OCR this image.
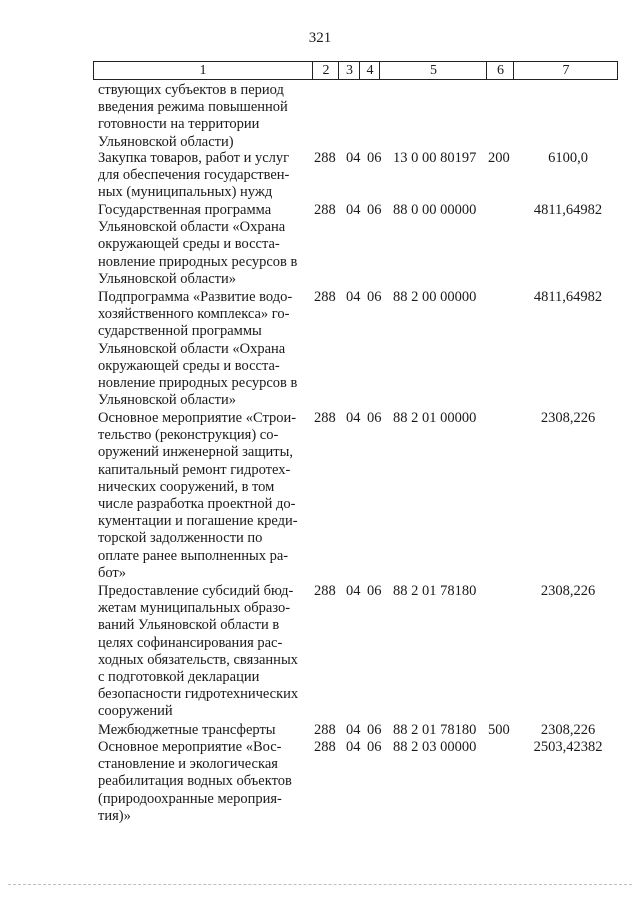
321
1	2	3 4	5	6	7
ствующих субъектов в период
введения режима повышенной
готовности на территории
Ульяновской области)
Закупка товаров, работ и услуг
для обеспечения государствен-
ных (муниципальных) нужд
288 04 06 13 0 00 80197 200	6100,0
Государственная программа
Ульяновской области «Охрана
окружающей среды и восста-
новление природных ресурсов в
Ульяновской области»
288 04 06 88 0 00 00000	4811,64982
Подпрограмма «Развитие водо-
хозяйственного комплекса» го-
сударственной программы
Ульяновской области «Охрана
окружающей среды и восста-
новление природных ресурсов в
Ульяновской области»
288 04 06 88 2 00 00000	4811,64982
Основное мероприятие «Строи-
тельство (реконструкция) со-
оружений инженерной защиты,
капитальный ремонт гидротех-
нических сооружений, в том
числе разработка проектной до-
кументации и погашение креди-
торской задолженности по
оплате ранее выполненных ра-
бот»
288 04 06 88 2 01 00000	2308,226
Предоставление субсидий бюд-
жетам муниципальных образо-
ваний Ульяновской области в
целях софинансирования рас-
ходных обязательств, связанных
с подготовкой декларации
безопасности гидротехнических
сооружений
288 04 06 88 2 01 78180	2308,226
Межбюджетные трансферты	288 04 06 88 2 01 78180 500	2308,226
Основное мероприятие «Вос-
становление и экологическая
реабилитация водных объектов
(природоохранные мероприя-
тия)»
288 04 06 88 2 03 00000	2503,42382
